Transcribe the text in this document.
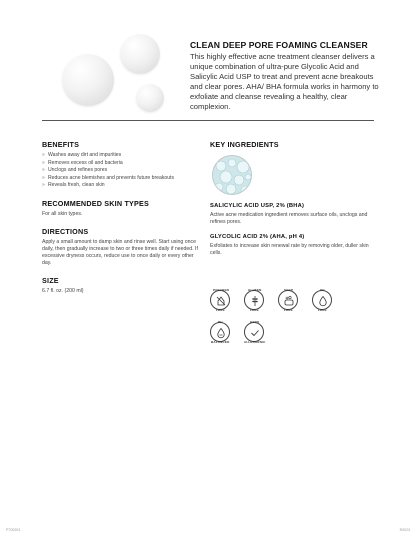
CLEAN DEEP PORE FOAMING CLEANSER
This highly effective acne treatment cleanser delivers a unique combination of ultra-pure Glycolic Acid and Salicylic Acid USP to treat and prevent acne breakouts and clear pores. AHA/ BHA formula works in harmony to exfoliate and cleanse revealing a healthy, clear complexion.
BENEFITS
» Washes away dirt and impurities
» Removes excess oil and bacteria
» Unclogs and refines pores
» Reduces acne blemishes and prevents future breakouts
» Reveals fresh, clean skin
RECOMMENDED SKIN TYPES
For all skin types.
DIRECTIONS
Apply a small amount to damp skin and rinse well. Start using once daily, then gradually increase to two or three times daily if needed. If excessive dryness occurs, reduce use to once daily or every other day.
SIZE
6.7 fl. oz. (200 ml)
KEY INGREDIENTS
SALICYLIC ACID USP, 2% (BHA)
Active acne medication ingredient removes surface oils, unclogs and refines pores.
GLYCOLIC ACID 2% (AHA, pH 4)
Exfoliates to increase skin renewal rate by removing older, duller skin cells.
PARABEN
FREE
GLUTEN
FREE
SOAP
FREE
OIL
FREE
PH
BALANCED
HYPO
ALLERGENIC
PT00203	R0023
